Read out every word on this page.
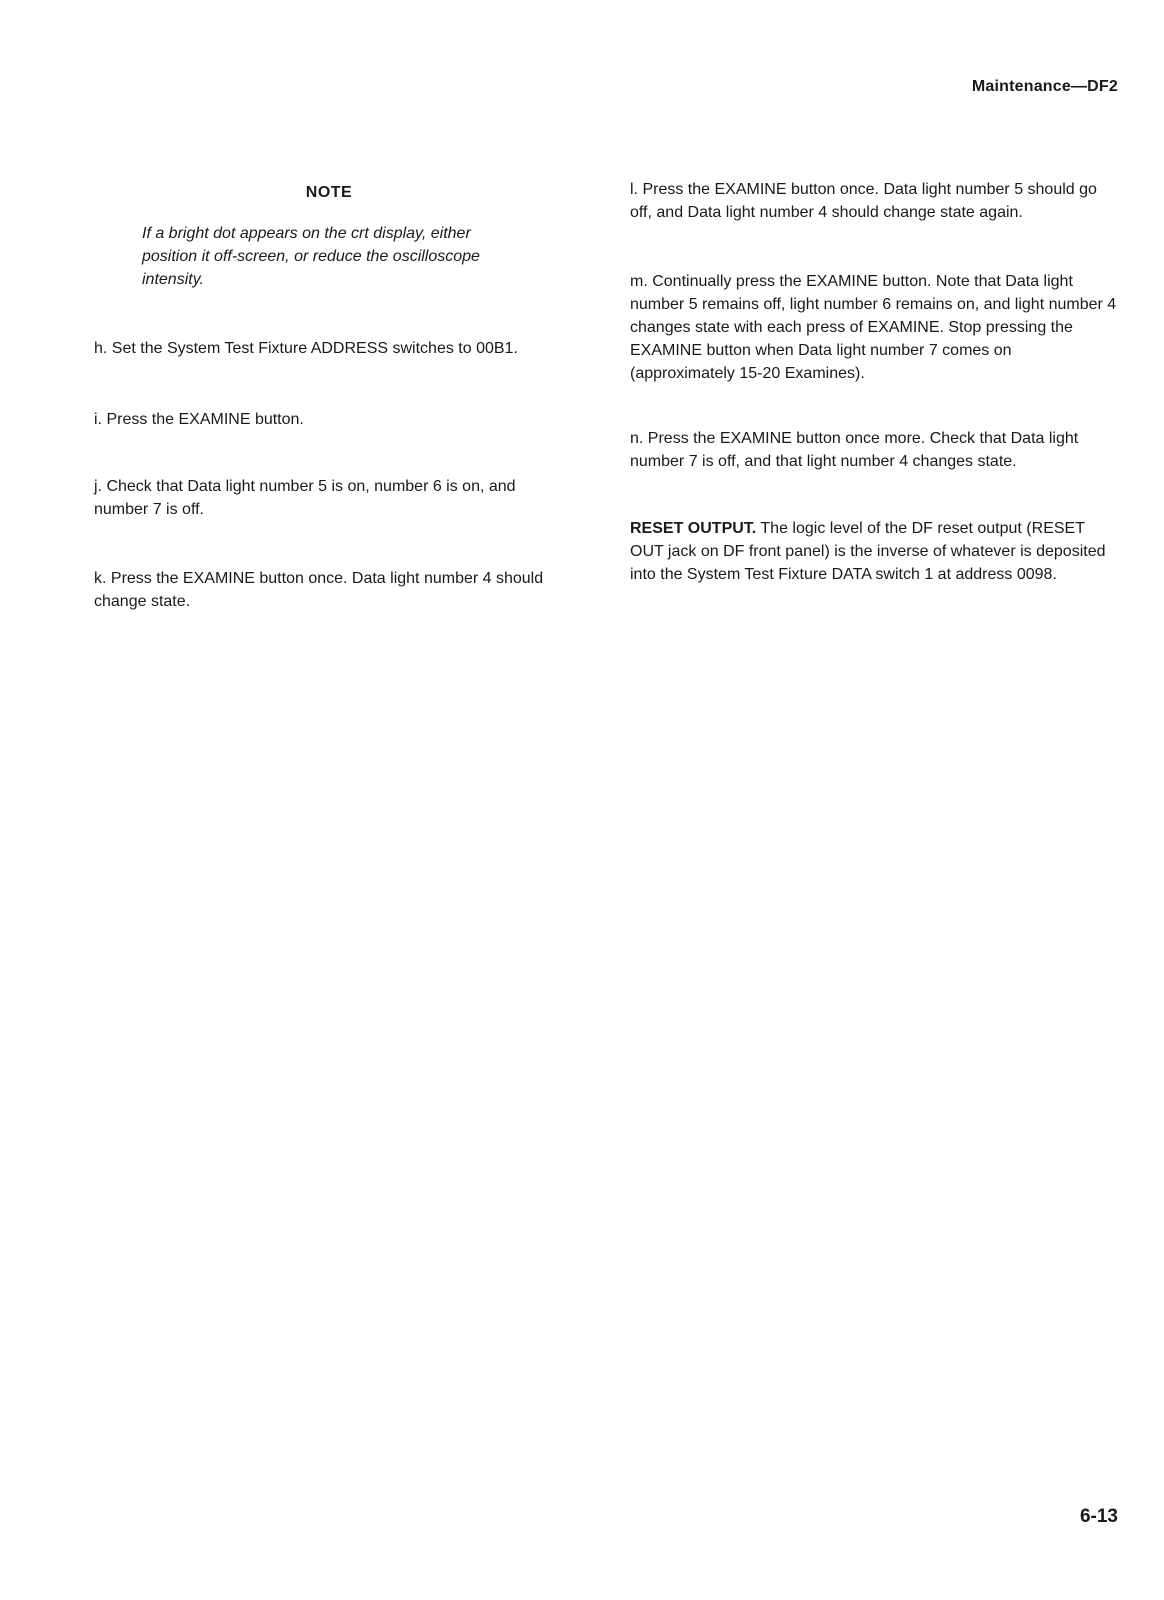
Maintenance—DF2
NOTE

If a bright dot appears on the crt display, either position it off-screen, or reduce the oscilloscope intensity.

h. Set the System Test Fixture ADDRESS switches to 00B1.

i. Press the EXAMINE button.

j. Check that Data light number 5 is on, number 6 is on, and number 7 is off.

k. Press the EXAMINE button once. Data light number 4 should change state.

l. Press the EXAMINE button once. Data light number 5 should go off, and Data light number 4 should change state again.

m. Continually press the EXAMINE button. Note that Data light number 5 remains off, light number 6 remains on, and light number 4 changes state with each press of EXAMINE. Stop pressing the EXAMINE button when Data light number 7 comes on (approximately 15-20 Examines).

n. Press the EXAMINE button once more. Check that Data light number 7 is off, and that light number 4 changes state.

RESET OUTPUT. The logic level of the DF reset output (RESET OUT jack on DF front panel) is the inverse of whatever is deposited into the System Test Fixture DATA switch 1 at address 0098.

6-13
